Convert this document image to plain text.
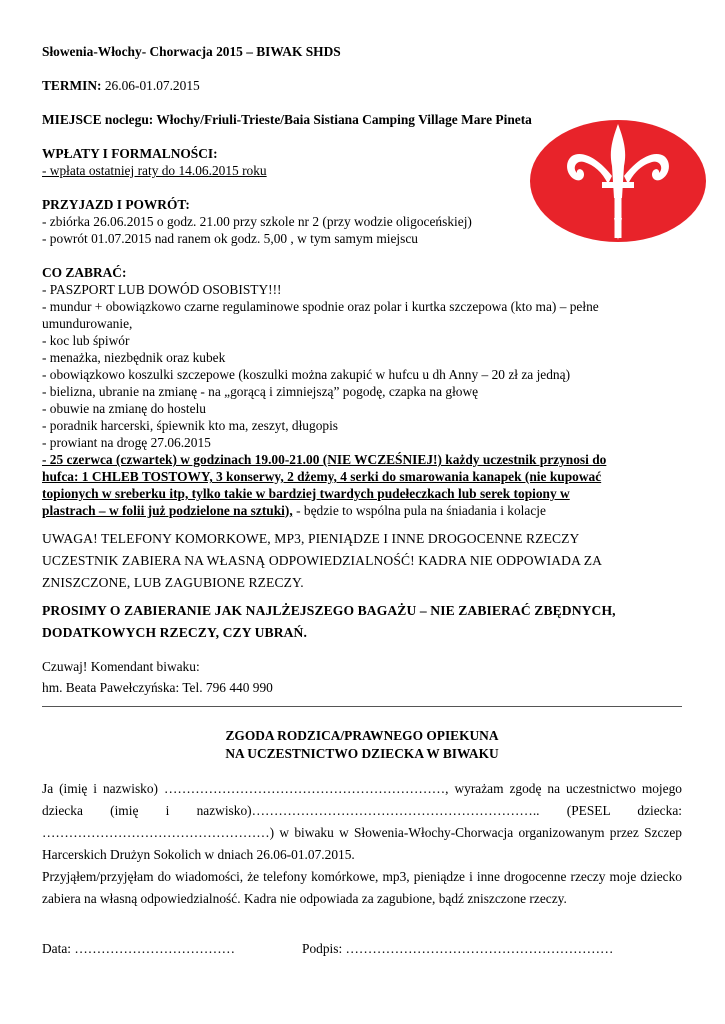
Słowenia-Włochy- Chorwacja 2015 – BIWAK SHDS
TERMIN: 26.06-01.07.2015
MIEJSCE noclegu: Włochy/Friuli-Trieste/Baia Sistiana Camping Village Mare Pineta
WPŁATY I FORMALNOŚCI:
- wpłata ostatniej raty do 14.06.2015 roku
PRZYJAZD I POWRÓT:
- zbiórka 26.06.2015 o godz. 21.00 przy szkole nr 2 (przy wodzie oligoceńskiej)
- powrót 01.07.2015 nad ranem ok godz. 5,00 , w tym samym miejscu
CO ZABRAĆ:
- PASZPORT LUB DOWÓD OSOBISTY!!!
- mundur + obowiązkowo czarne regulaminowe spodnie oraz polar i kurtka szczepowa (kto ma) – pełne
umundurowanie,
- koc lub śpiwór
- menażka, niezbędnik oraz kubek
- obowiązkowo koszulki szczepowe (koszulki można zakupić w hufcu u dh Anny – 20 zł za jedną)
- bielizna, ubranie na zmianę - na „gorącą i zimniejszą” pogodę, czapka na głowę
- obuwie na zmianę do hostelu
- poradnik harcerski, śpiewnik kto ma, zeszyt, długopis
- prowiant na drogę 27.06.2015
- 25 czerwca (czwartek) w godzinach 19.00-21.00 (NIE WCZEŚNIEJ!) każdy uczestnik przynosi do
hufca: 1 CHLEB TOSTOWY, 3 konserwy, 2 dżemy, 4 serki do smarowania kanapek (nie kupować
topionych w sreberku itp, tylko takie w bardziej twardych pudełeczkach lub serek topiony w
plastrach – w folii już podzielone na sztuki), - będzie to wspólna pula na śniadania i kolacje
UWAGA! TELEFONY KOMORKOWE, MP3, PIENIĄDZE I INNE DROGOCENNE RZECZY
UCZESTNIK ZABIERA NA WŁASNĄ ODPOWIEDZIALNOŚĆ! KADRA NIE ODPOWIADA ZA
ZNISZCZONE, LUB ZAGUBIONE RZECZY.
PROSIMY O ZABIERANIE JAK NAJLŻEJSZEGO BAGAŻU – NIE ZABIERAĆ ZBĘDNYCH,
DODATKOWYCH RZECZY, CZY UBRAŃ.
Czuwaj! Komendant biwaku:
hm. Beata Pawełczyńska: Tel. 796 440 990
ZGODA RODZICA/PRAWNEGO OPIEKUNA
NA UCZESTNICTWO DZIECKA W BIWAKU
Ja (imię i nazwisko) ………………………………………………………, wyrażam zgodę na uczestnictwo mojego dziecka (imię i nazwisko)……………………………………………………….. (PESEL dziecka: ……………………………………………) w biwaku w Słowenia-Włochy-Chorwacja organizowanym przez Szczep Harcerskich Drużyn Sokolich w dniach 26.06-01.07.2015.
Przyjąłem/przyjęłam do wiadomości, że telefony komórkowe, mp3, pieniądze i inne drogocenne rzeczy moje dziecko zabiera na własną odpowiedzialność. Kadra nie odpowiada za zagubione, bądź zniszczone rzeczy.
Data: ………………………………	Podpis: ……………………………………………………
